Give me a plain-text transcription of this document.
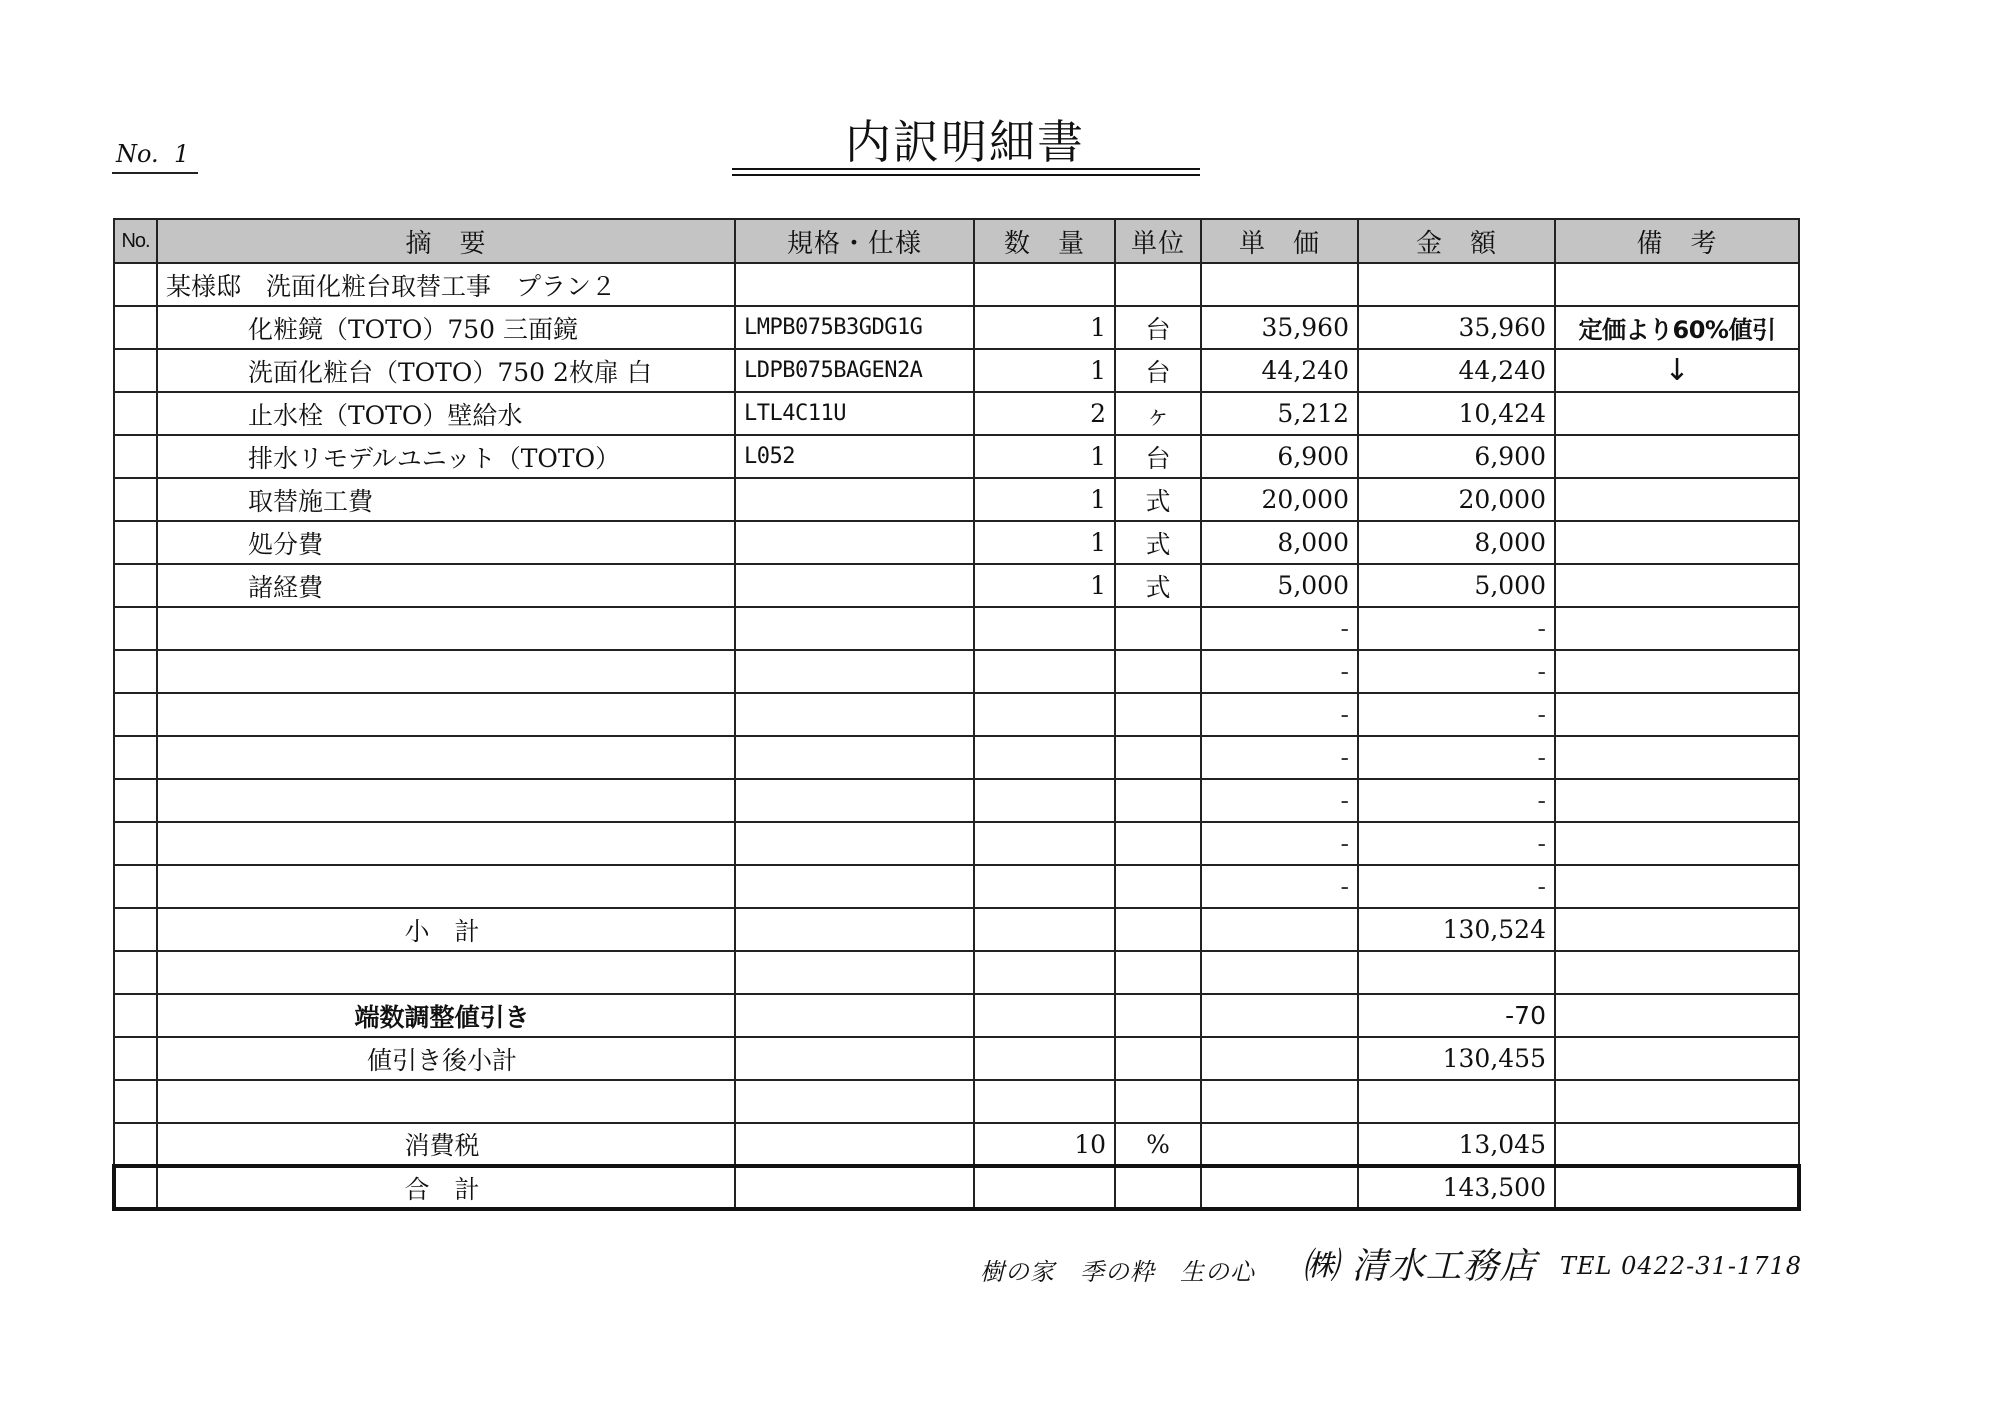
No. 1	内訳明細書
No.	摘　要	規格・仕様	数　量	単位	単　価	金　額	備　考
	某様邸　洗面化粧台取替工事　プラン２						
	化粧鏡（TOTO）750 三面鏡	LMPB075B3GDG1G	1	台	35,960	35,960	定価より60%値引
	洗面化粧台（TOTO）750 2枚扉 白	LDPB075BAGEN2A	1	台	44,240	44,240	↓
	止水栓（TOTO）壁給水	LTL4C11U	2	ヶ	5,212	10,424	
	排水リモデルユニット（TOTO）	L052	1	台	6,900	6,900	
	取替施工費		1	式	20,000	20,000	
	処分費		1	式	8,000	8,000	
	諸経費		1	式	5,000	5,000	
					-	-	
					-	-	
					-	-	
					-	-	
					-	-	
					-	-	
					-	-	
	小　計					130,524	

	端数調整値引き					-70	
	値引き後小計					130,455	

	消費税		10	%		13,045	
	合　計					143,500	
樹の家　季の粋　生の心 ㈱ 清水工務店 TEL 0422-31-1718
